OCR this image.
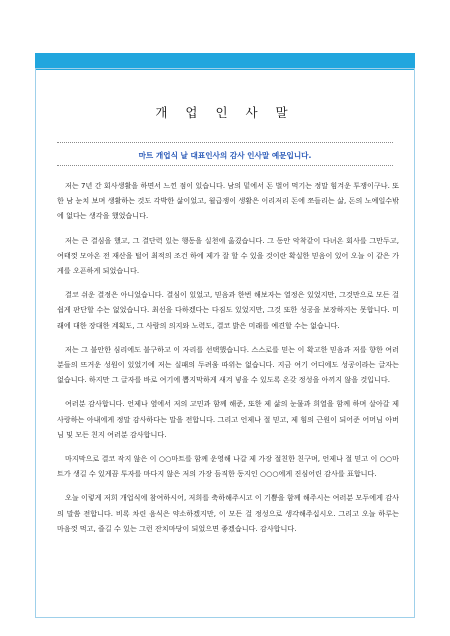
개 업 인 사 말
마트 개업식 날 대표인사의 감사 인사말 예문입니다.

저는 7년 간 회사생활을 하면서 느낀 점이 있습니다. 남의 밑에서 돈 벌어 먹기는 정말 힘겨운 투쟁이구나. 또한 남 눈치 보며 생활하는 것도 각박한 삶이었고, 월급쟁이 생활은 이리저리 돈에 쪼들리는 삶, 돈의 노예일수밖에 없다는 생각을 했었습니다.

저는 큰 결심을 했고, 그 결단력 있는 행동을 실천에 옮겼습니다. 그 동안 악착같이 다녀온 회사를 그만두고, 여태껏 모아온 전 재산을 털어 최적의 조건 하에 제가 잘 할 수 있을 것이란 확실한 믿음이 있어 오늘 이 같은 가게를 오픈하게 되었습니다.

결코 쉬운 결정은 아니었습니다. 결심이 있었고, 믿음과 한번 해보자는 열정은 있었지만, 그것만으로 모든 걸 쉽게 판단할 수는 없었습니다. 최선을 다하겠다는 다짐도 있었지만, 그것 또한 성공을 보장하지는 못합니다. 미래에 대한 장대한 계획도, 그 사람의 의지와 노력도, 결코 밝은 미래를 예견할 수는 없습니다.

저는 그 불안한 심리에도 불구하고 이 자리를 선택했습니다. 스스로를 믿는 이 확고한 믿음과 저를 향한 여러분들의 뜨거운 성원이 있었기에 저는 실패의 두려움 따위는 없습니다. 지금 여기 어디에도 성공이라는 글자는 없습니다. 하지만 그 글자를 바로 여기에 뽑지막하게 새겨 넣을 수 있도록 온갖 정성을 아끼지 않을 것입니다.

여러분 감사합니다. 언제나 옆에서 저의 고민과 함께 해준, 또한 제 삶의 눈물과 희열을 함께 하며 살아갈 제 사랑하는 아내에게 정말 감사하다는 말을 전합니다. 그리고 언제나 절 믿고, 제 힘의 근원이 되어준 어머님 아버님 및 모든 친지 여러분 감사합니다.

마지막으로 결코 작지 않은 이 ○○마트를 함께 운영해 나갈 제 가장 절친한 친구며, 언제나 절 믿고 이 ○○마트가 생길 수 있게끔 투자를 마다지 않은 저의 가장 듬직한 동지인 ○○○에게 진심어린 감사를 표합니다.

오늘 이렇게 저희 개업식에 참여하시어, 저희를 축하해주시고 이 기쁨을 함께 해주시는 여러분 모두에게 감사의 말씀 전합니다. 비록 차린 음식은 약소하겠지만, 이 모든 걸 정성으로 생각해주십시오. 그리고 오늘 하루는 마음껏 먹고, 즐길 수 있는 그런 잔치마당이 되었으면 좋겠습니다. 감사합니다.
